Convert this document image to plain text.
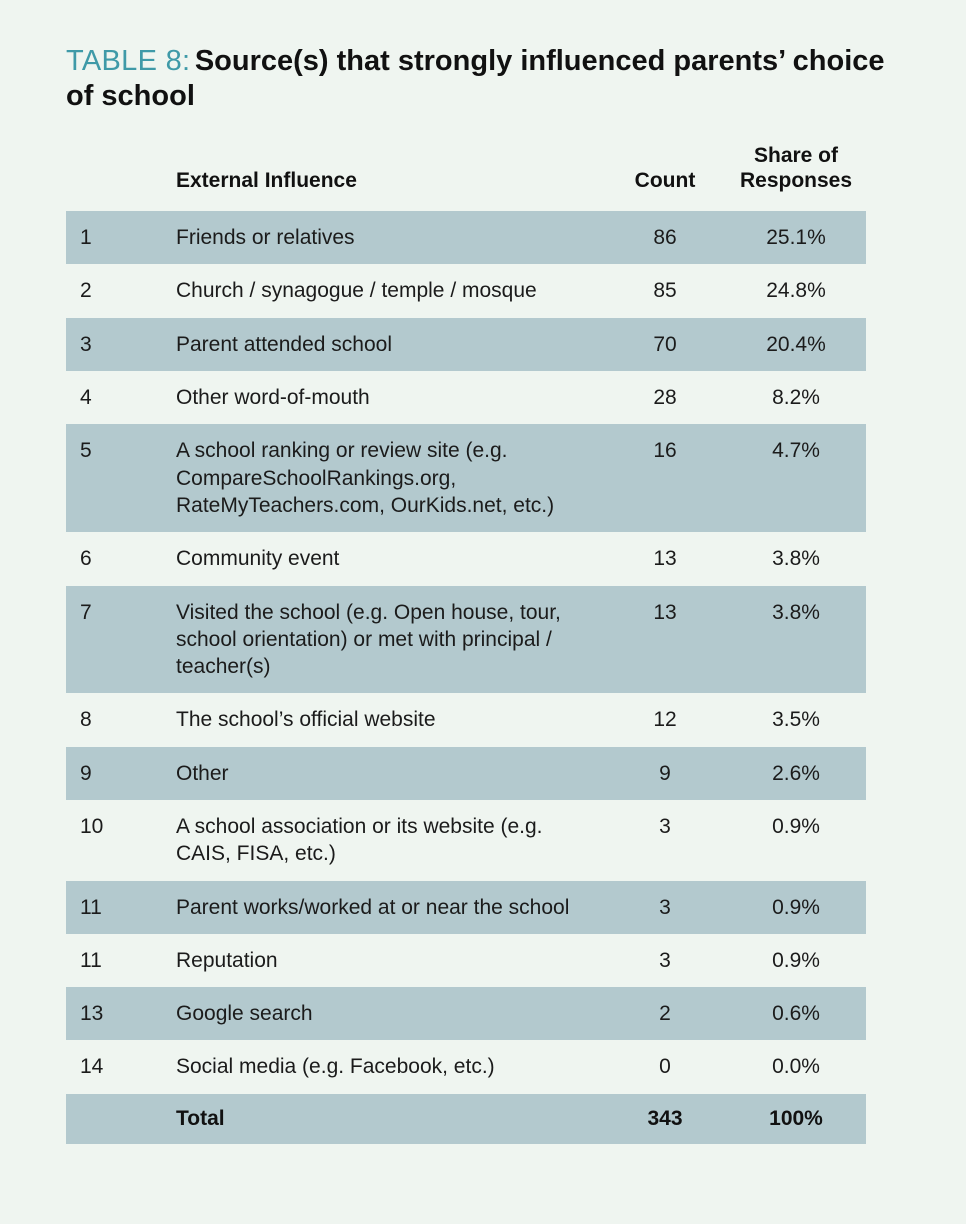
TABLE 8: Source(s) that strongly influenced parents’ choice of school
	External Influence	Count	Share of Responses
1	Friends or relatives	86	25.1%
2	Church / synagogue / temple / mosque	85	24.8%
3	Parent attended school	70	20.4%
4	Other word-of-mouth	28	8.2%
5	A school ranking or review site (e.g. CompareSchoolRankings.org, RateMyTeachers.com, OurKids.net, etc.)	16	4.7%
6	Community event	13	3.8%
7	Visited the school (e.g. Open house, tour, school orientation) or met with principal / teacher(s)	13	3.8%
8	The school’s official website	12	3.5%
9	Other	9	2.6%
10	A school association or its website (e.g. CAIS, FISA, etc.)	3	0.9%
11	Parent works/worked at or near the school	3	0.9%
11	Reputation	3	0.9%
13	Google search	2	0.6%
14	Social media (e.g. Facebook, etc.)	0	0.0%
	Total	343	100%
